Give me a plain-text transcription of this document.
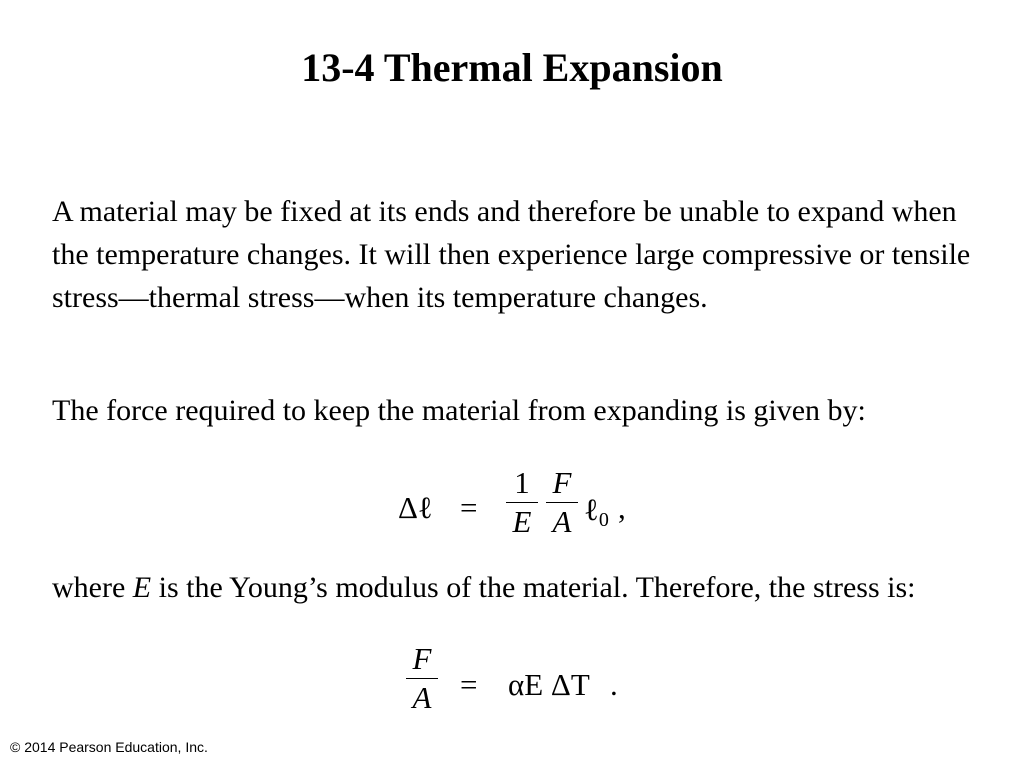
13-4 Thermal Expansion

A material may be fixed at its ends and therefore be unable to expand when the temperature changes. It will then experience large compressive or tensile stress—thermal stress—when its temperature changes.

The force required to keep the material from expanding is given by:

Δℓ =
1
E
F
A ℓ0 ,

where E is the Young’s modulus of the material. Therefore, the stress is:

F
A = αE ΔT .
© 2014 Pearson Education, Inc.
